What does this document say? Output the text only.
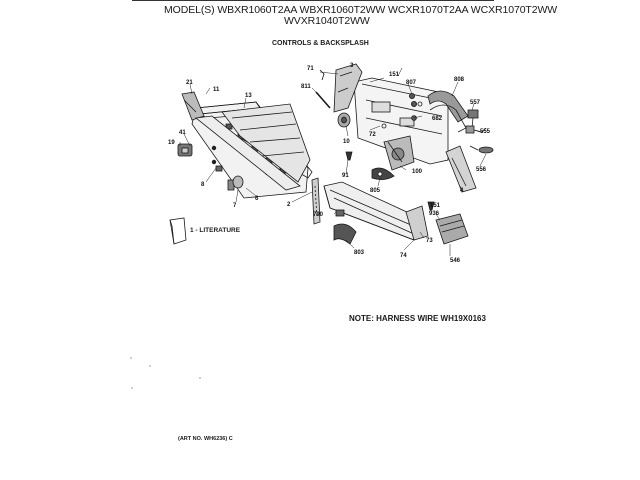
MODEL(S) WBXR1060T2AA WBXR1060T2WW WCXR1070T2AA WCXR1070T2WW
WVXR1040T2WW
CONTROLS & BACKSPLASH
2
3
4
6
7
8
10
11
13
19
21
41
71
72
73
74
91
100
151
151
546
555
556
557
682
790
803
805
807	808
811
936
1 - LITERATURE
NOTE: HARNESS WIRE WH19X0163
(ART NO. WH6236) C
